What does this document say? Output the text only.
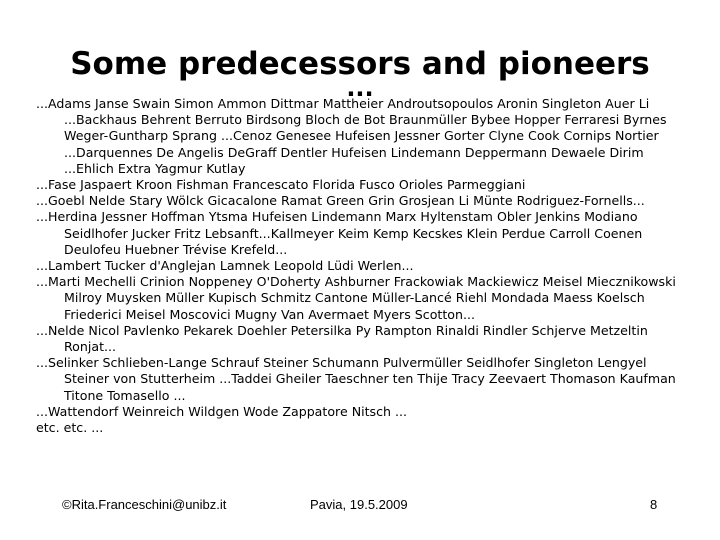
Some predecessors and pioneers
...
...Adams Janse Swain Simon Ammon Dittmar Mattheier Androutsopoulos Aronin Singleton Auer Li ...Backhaus Behrent Berruto Birdsong Bloch de Bot Braunmüller Bybee Hopper Ferraresi Byrnes Weger-Guntharp Sprang ...Cenoz Genesee Hufeisen Jessner Gorter Clyne Cook Cornips Nortier ...Darquennes De Angelis DeGraff Dentler Hufeisen Lindemann Deppermann Dewaele Dirim ...Ehlich Extra Yagmur Kutlay
...Fase Jaspaert Kroon Fishman Francescato Florida Fusco Orioles Parmeggiani
...Goebl Nelde Stary Wölck Gicacalone Ramat Green Grin Grosjean Li Münte Rodriguez-Fornells...
...Herdina Jessner Hoffman Ytsma Hufeisen Lindemann Marx Hyltenstam Obler Jenkins Modiano Seidlhofer Jucker Fritz Lebsanft...Kallmeyer Keim Kemp Kecskes Klein Perdue Carroll Coenen Deulofeu Huebner Trévise Krefeld...
...Lambert Tucker d'Anglejan Lamnek Leopold Lüdi Werlen...
...Marti Mechelli Crinion Noppeney O'Doherty Ashburner Frackowiak Mackiewicz Meisel Miecznikowski Milroy Muysken Müller Kupisch Schmitz Cantone Müller-Lancé Riehl Mondada Maess Koelsch Friederici Meisel Moscovici Mugny Van Avermaet Myers Scotton...
...Nelde Nicol Pavlenko Pekarek Doehler Petersilka Py Rampton Rinaldi Rindler Schjerve Metzeltin Ronjat...
...Selinker Schlieben-Lange Schrauf Steiner Schumann Pulvermüller Seidlhofer Singleton Lengyel Steiner von Stutterheim ...Taddei Gheiler Taeschner ten Thije Tracy Zeevaert Thomason Kaufman Titone Tomasello ...
...Wattendorf Weinreich Wildgen Wode Zappatore Nitsch ...
etc. etc. ...
©Rita.Franceschini@unibz.it	Pavia, 19.5.2009	8
